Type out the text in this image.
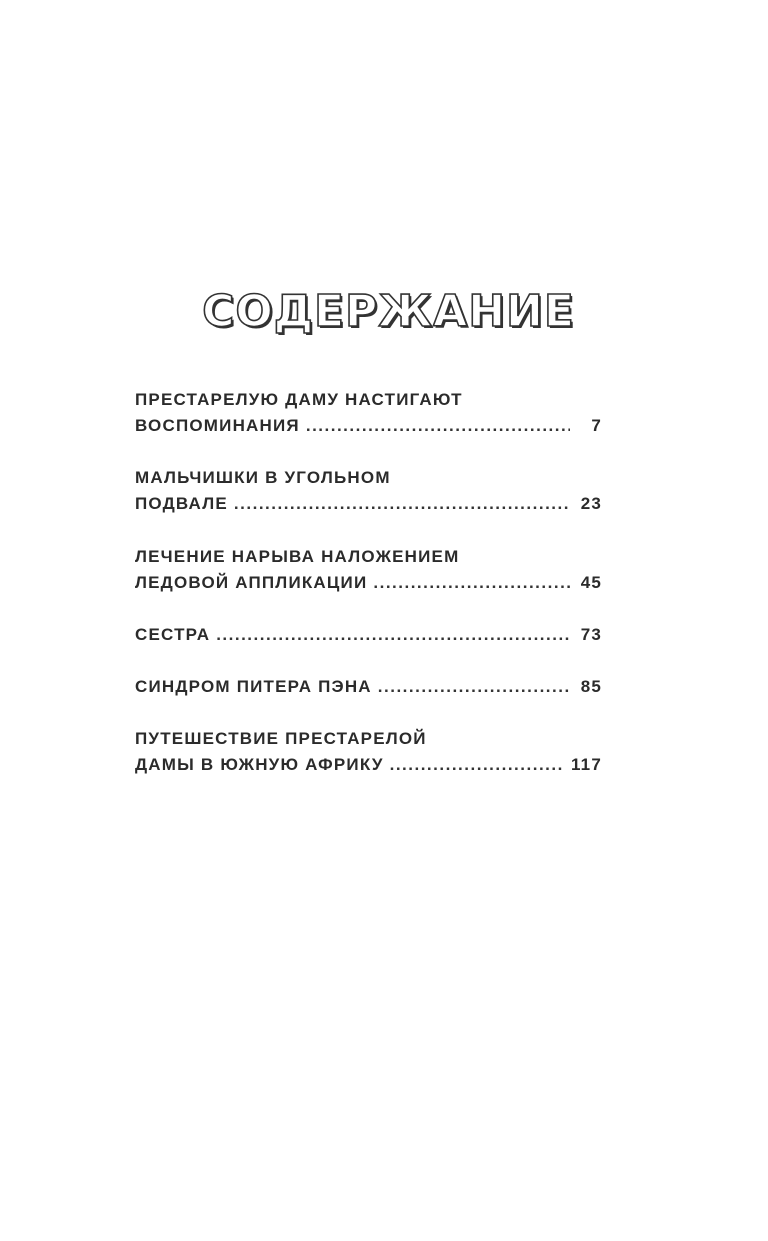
СОДЕРЖАНИЕ
ПРЕСТАРЕЛУЮ ДАМУ НАСТИГАЮТ
ВОСПОМИНАНИЯ .....	7
МАЛЬЧИШКИ В УГОЛЬНОМ
ПОДВАЛЕ .....	23
ЛЕЧЕНИЕ НАРЫВА НАЛОЖЕНИЕМ
ЛЕДОВОЙ АППЛИКАЦИИ .....	45
СЕСТРА .....	73
СИНДРОМ ПИТЕРА ПЭНА .....	85
ПУТЕШЕСТВИЕ ПРЕСТАРЕЛОЙ
ДАМЫ В ЮЖНУЮ АФРИКУ .....	117
